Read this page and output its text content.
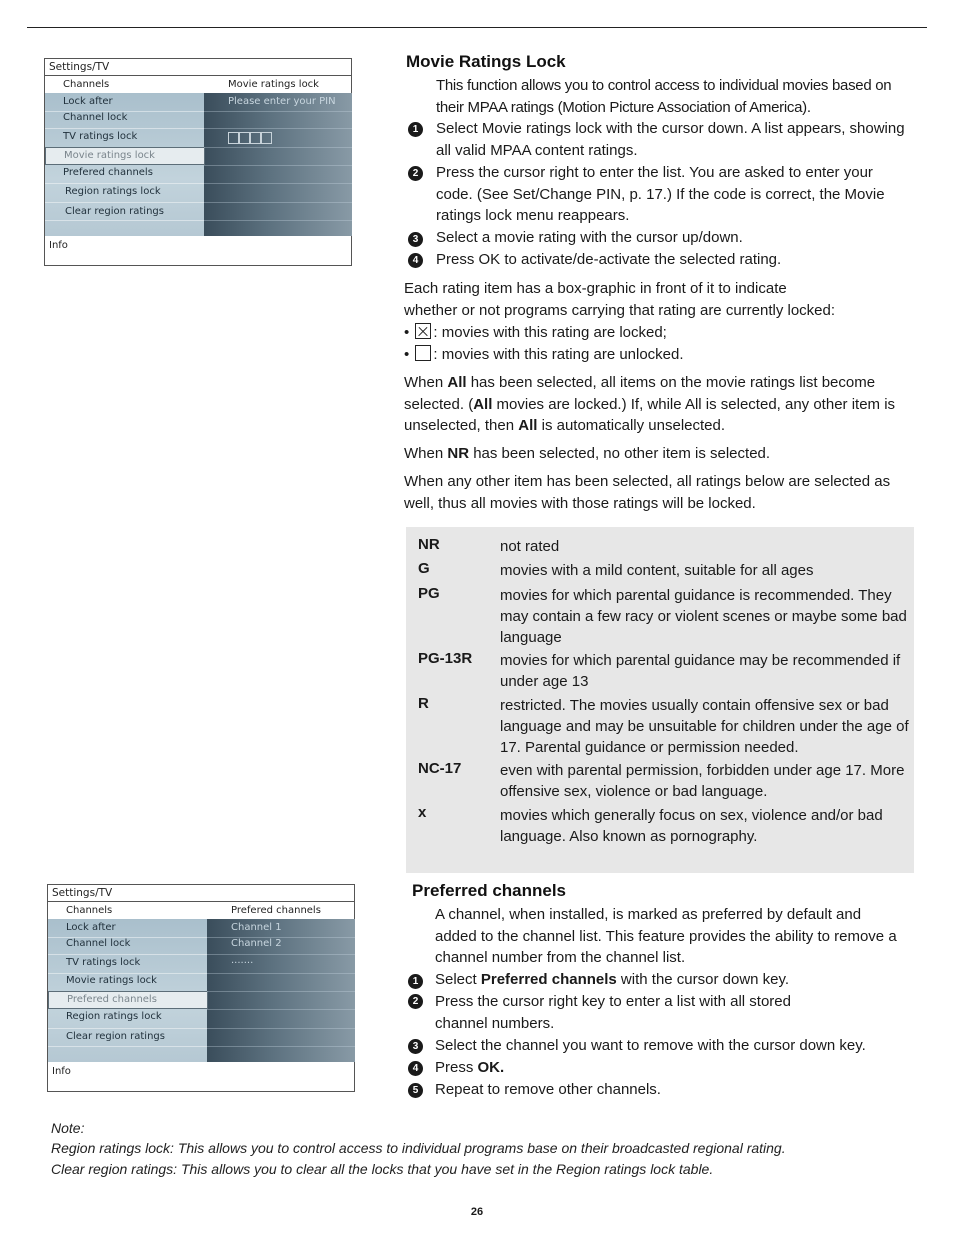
Settings/TV
Channels	Movie ratings lock
Lock after
Channel lock
TV ratings lock
Movie ratings lock
Prefered channels
Region ratings lock
Clear region ratings
Please enter your PIN
Info
Movie Ratings Lock
This function allows you to control access to individual movies based on their MPAA ratings (Motion Picture Association of America).
1	Select Movie ratings lock with the cursor down. A list appears, showing all valid MPAA content ratings.
2	Press the cursor right to enter the list. You are asked to enter your code. (See Set/Change PIN, p. 17.) If the code is correct, the Movie ratings lock menu reappears.
3	Select a movie rating with the cursor up/down.
4	Press OK to activate/de-activate the selected rating.
Each rating item has a box-graphic in front of it to indicate
whether or not programs carrying that rating are currently locked:
• : movies with this rating are locked;
• : movies with this rating are unlocked.
When All has been selected, all items on the movie ratings list become selected. (All movies are locked.) If, while All is selected, any other item is unselected, then All is automatically unselected.
When NR has been selected, no other item is selected.
When any other item has been selected, all ratings below are selected as well, thus all movies with those ratings will be locked.
NR	not rated
G	movies with a mild content, suitable for all ages
PG	movies for which parental guidance is recommended. They may contain a few racy or violent scenes or maybe some bad language
PG-13R movies for which parental guidance may be recommended if under age 13
R	restricted. The movies usually contain offensive sex or bad language and may be unsuitable for children under the age of 17. Parental guidance or permission needed.
NC-17	even with parental permission, forbidden under age 17. More offensive sex, violence or bad language.
x	movies which generally focus on sex, violence and/or bad language. Also known as pornography.
Settings/TV
Channels	Prefered channels
Lock after
Channel lock
TV ratings lock
Movie ratings lock
Prefered channels
Region ratings lock
Clear region ratings
Channel 1
Channel 2
.......
Info
Preferred channels
A channel, when installed, is marked as preferred by default and added to the channel list. This feature provides the ability to remove a channel number from the channel list.
1	Select Preferred channels with the cursor down key.
2	Press the cursor right key to enter a list with all stored channel numbers.
3	Select the channel you want to remove with the cursor down key.
4	Press OK.
5	Repeat to remove other channels.
Note:
Region ratings lock: This allows you to control access to individual programs base on their broadcasted regional rating.
Clear region ratings: This allows you to clear all the locks that you have set in the Region ratings lock table.
26
